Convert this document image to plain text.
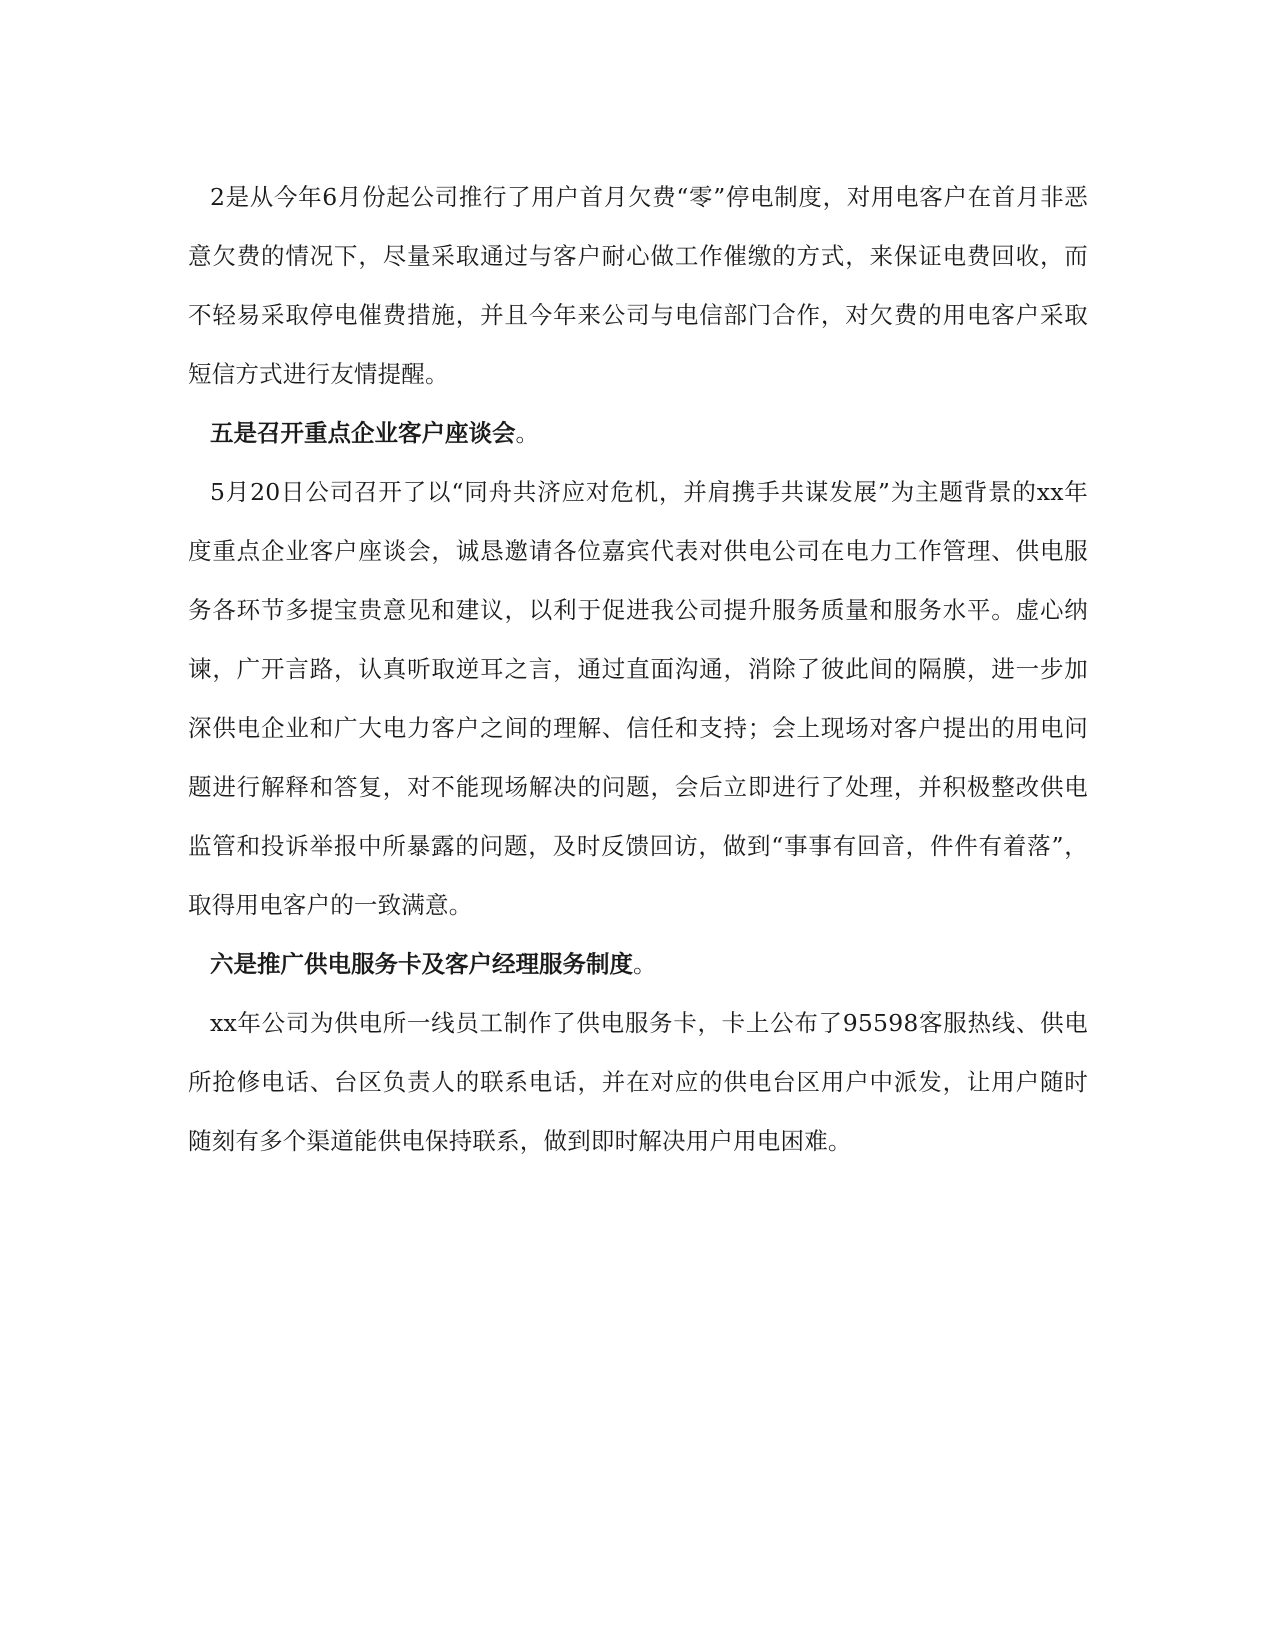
2是从今年6月份起公司推行了用户首月欠费“零”停电制度，对用电客户在首月非恶意欠费的情况下，尽量采取通过与客户耐心做工作催缴的方式，来保证电费回收，而不轻易采取停电催费措施，并且今年来公司与电信部门合作，对欠费的用电客户采取短信方式进行友情提醒。

五是召开重点企业客户座谈会。

5月20日公司召开了以“同舟共济应对危机，并肩携手共谋发展”为主题背景的xx年度重点企业客户座谈会，诚恳邀请各位嘉宾代表对供电公司在电力工作管理、供电服务各环节多提宝贵意见和建议，以利于促进我公司提升服务质量和服务水平。虚心纳谏，广开言路，认真听取逆耳之言，通过直面沟通，消除了彼此间的隔膜，进一步加深供电企业和广大电力客户之间的理解、信任和支持；会上现场对客户提出的用电问题进行解释和答复，对不能现场解决的问题，会后立即进行了处理，并积极整改供电监管和投诉举报中所暴露的问题，及时反馈回访，做到“事事有回音，件件有着落”，取得用电客户的一致满意。

六是推广供电服务卡及客户经理服务制度。

xx年公司为供电所一线员工制作了供电服务卡，卡上公布了95598客服热线、供电所抢修电话、台区负责人的联系电话，并在对应的供电台区用户中派发，让用户随时随刻有多个渠道能供电保持联系，做到即时解决用户用电困难。
